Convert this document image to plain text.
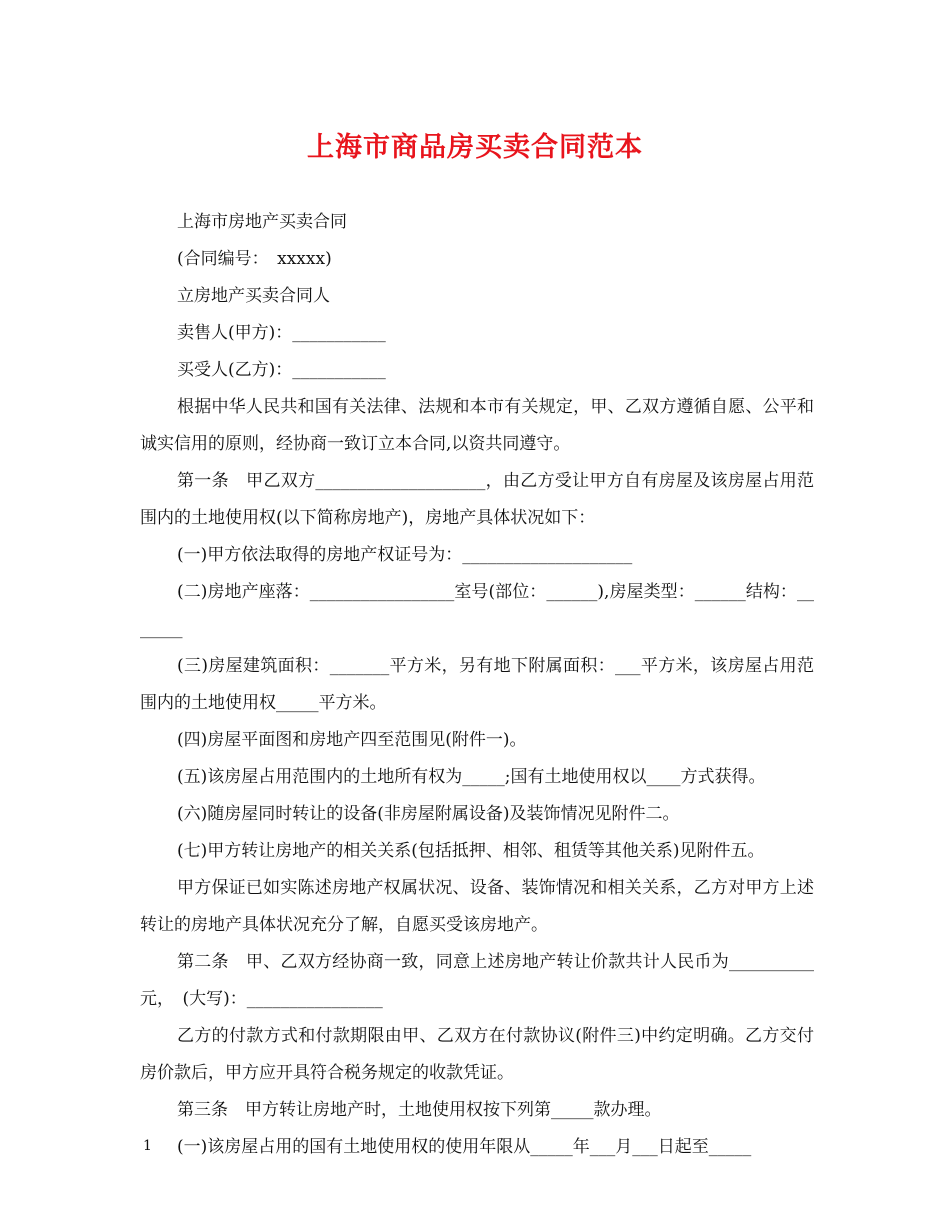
上海市商品房买卖合同范本

上海市房地产买卖合同

(合同编号：　xxxxx)

立房地产买卖合同人

卖售人(甲方)：___________

买受人(乙方)：___________

根据中华人民共和国有关法律、法规和本市有关规定，甲、乙双方遵循自愿、公平和诚实信用的原则，经协商一致订立本合同,以资共同遵守。

第一条　甲乙双方____________________，由乙方受让甲方自有房屋及该房屋占用范围内的土地使用权(以下简称房地产)，房地产具体状况如下：

(一)甲方依法取得的房地产权证号为：____________________

(二)房地产座落：_________________室号(部位：______),房屋类型：______结构：_______

(三)房屋建筑面积：_______平方米，另有地下附属面积：___平方米，该房屋占用范围内的土地使用权_____平方米。

(四)房屋平面图和房地产四至范围见(附件一)。

(五)该房屋占用范围内的土地所有权为_____;国有土地使用权以____方式获得。

(六)随房屋同时转让的设备(非房屋附属设备)及装饰情况见附件二。

(七)甲方转让房地产的相关关系(包括抵押、相邻、租赁等其他关系)见附件五。

甲方保证已如实陈述房地产权属状况、设备、装饰情况和相关关系，乙方对甲方上述转让的房地产具体状况充分了解，自愿买受该房地产。

第二条　甲、乙双方经协商一致，同意上述房地产转让价款共计人民币为__________元，　(大写)：________________

乙方的付款方式和付款期限由甲、乙双方在付款协议(附件三)中约定明确。乙方交付房价款后，甲方应开具符合税务规定的收款凭证。

第三条　甲方转让房地产时，土地使用权按下列第_____款办理。

(一)该房屋占用的国有土地使用权的使用年限从_____年___月___日起至_____

1
